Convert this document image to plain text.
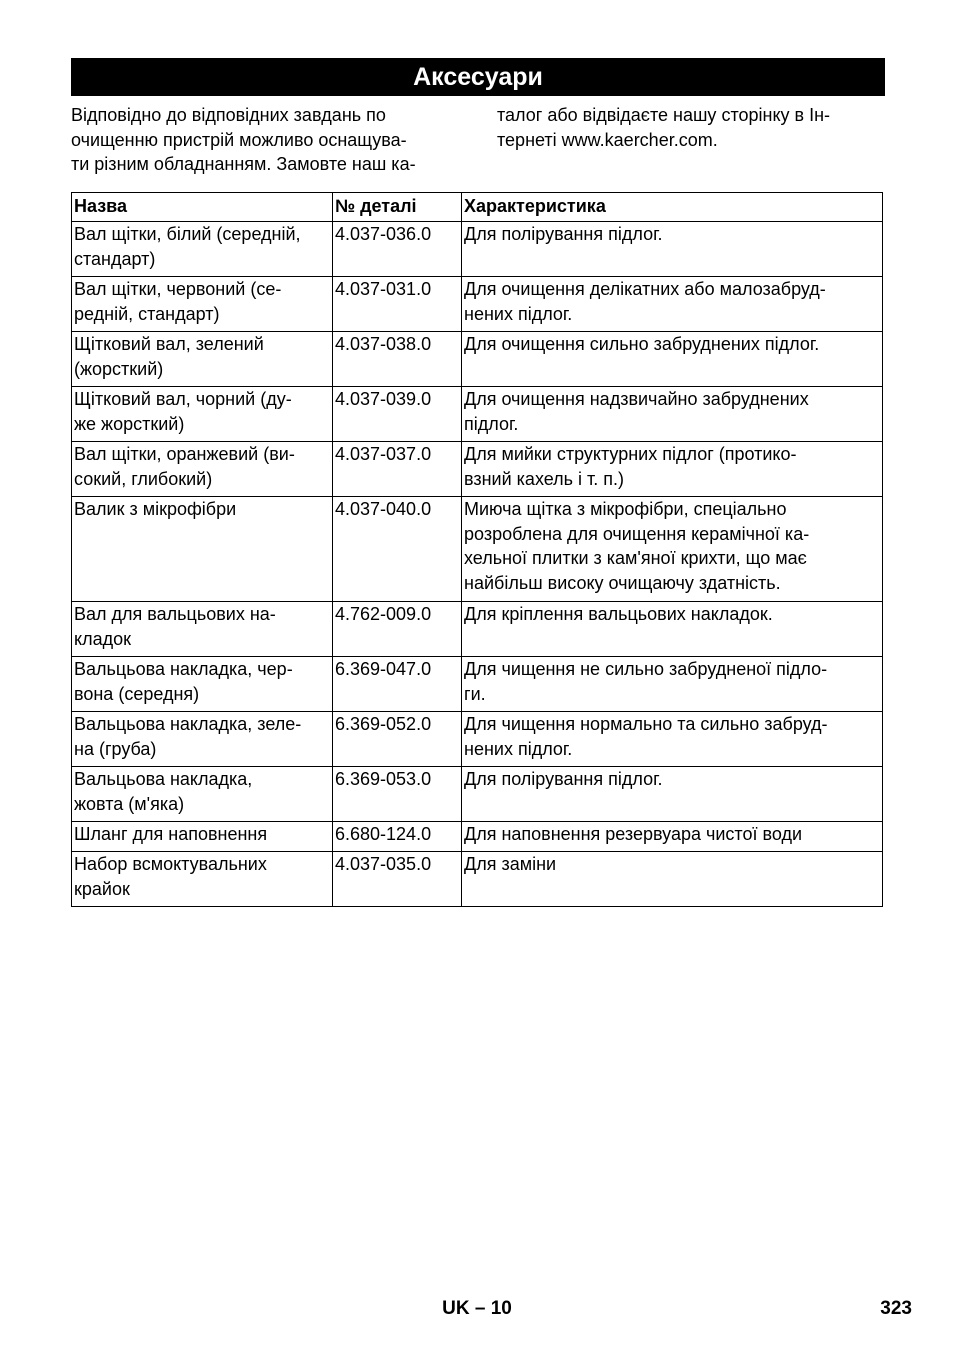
Аксесуари
Відповідно до відповідних завдань по
очищенню пристрій можливо оснащува-
ти різним обладнанням. Замовте наш ка-
талог або відвідаєте нашу сторінку в Ін-
тернеті www.kaercher.com.
Назва	№ деталі	Характеристика

Вал щітки, білий (середній,
стандарт)	4.037-036.0	Для полірування підлог.

Вал щітки, червоний (се-
редній, стандарт)	4.037-031.0	Для очищення делікатних або малозабруд-
нених підлог.

Щітковий вал, зелений
(жорсткий)	4.037-038.0	Для очищення сильно забруднених підлог.

Щітковий вал, чорний (ду-
же жорсткий)	4.037-039.0	Для очищення надзвичайно забруднених
підлог.

Вал щітки, оранжевий (ви-
сокий, глибокий)	4.037-037.0	Для мийки структурних підлог (протико-
взний кахель і т. п.)

Валик з мікрофібри	4.037-040.0	Миюча щітка з мікрофібри, спеціально
розроблена для очищення керамічної ка-
хельної плитки з кам'яної крихти, що має
найбільш високу очищаючу здатність.

Вал для вальцьових на-
кладок	4.762-009.0	Для кріплення вальцьових накладок.

Вальцьова накладка, чер-
вона (середня)	6.369-047.0	Для чищення не сильно забрудненої підло-
ги.

Вальцьова накладка, зеле-
на (груба)	6.369-052.0	Для чищення нормально та сильно забруд-
нених підлог.

Вальцьова накладка,
жовта (м'яка)	6.369-053.0	Для полірування підлог.

Шланг для наповнення	6.680-124.0	Для наповнення резервуара чистої води

Набор всмоктувальних
крайок	4.037-035.0	Для заміни
UK – 10	323
